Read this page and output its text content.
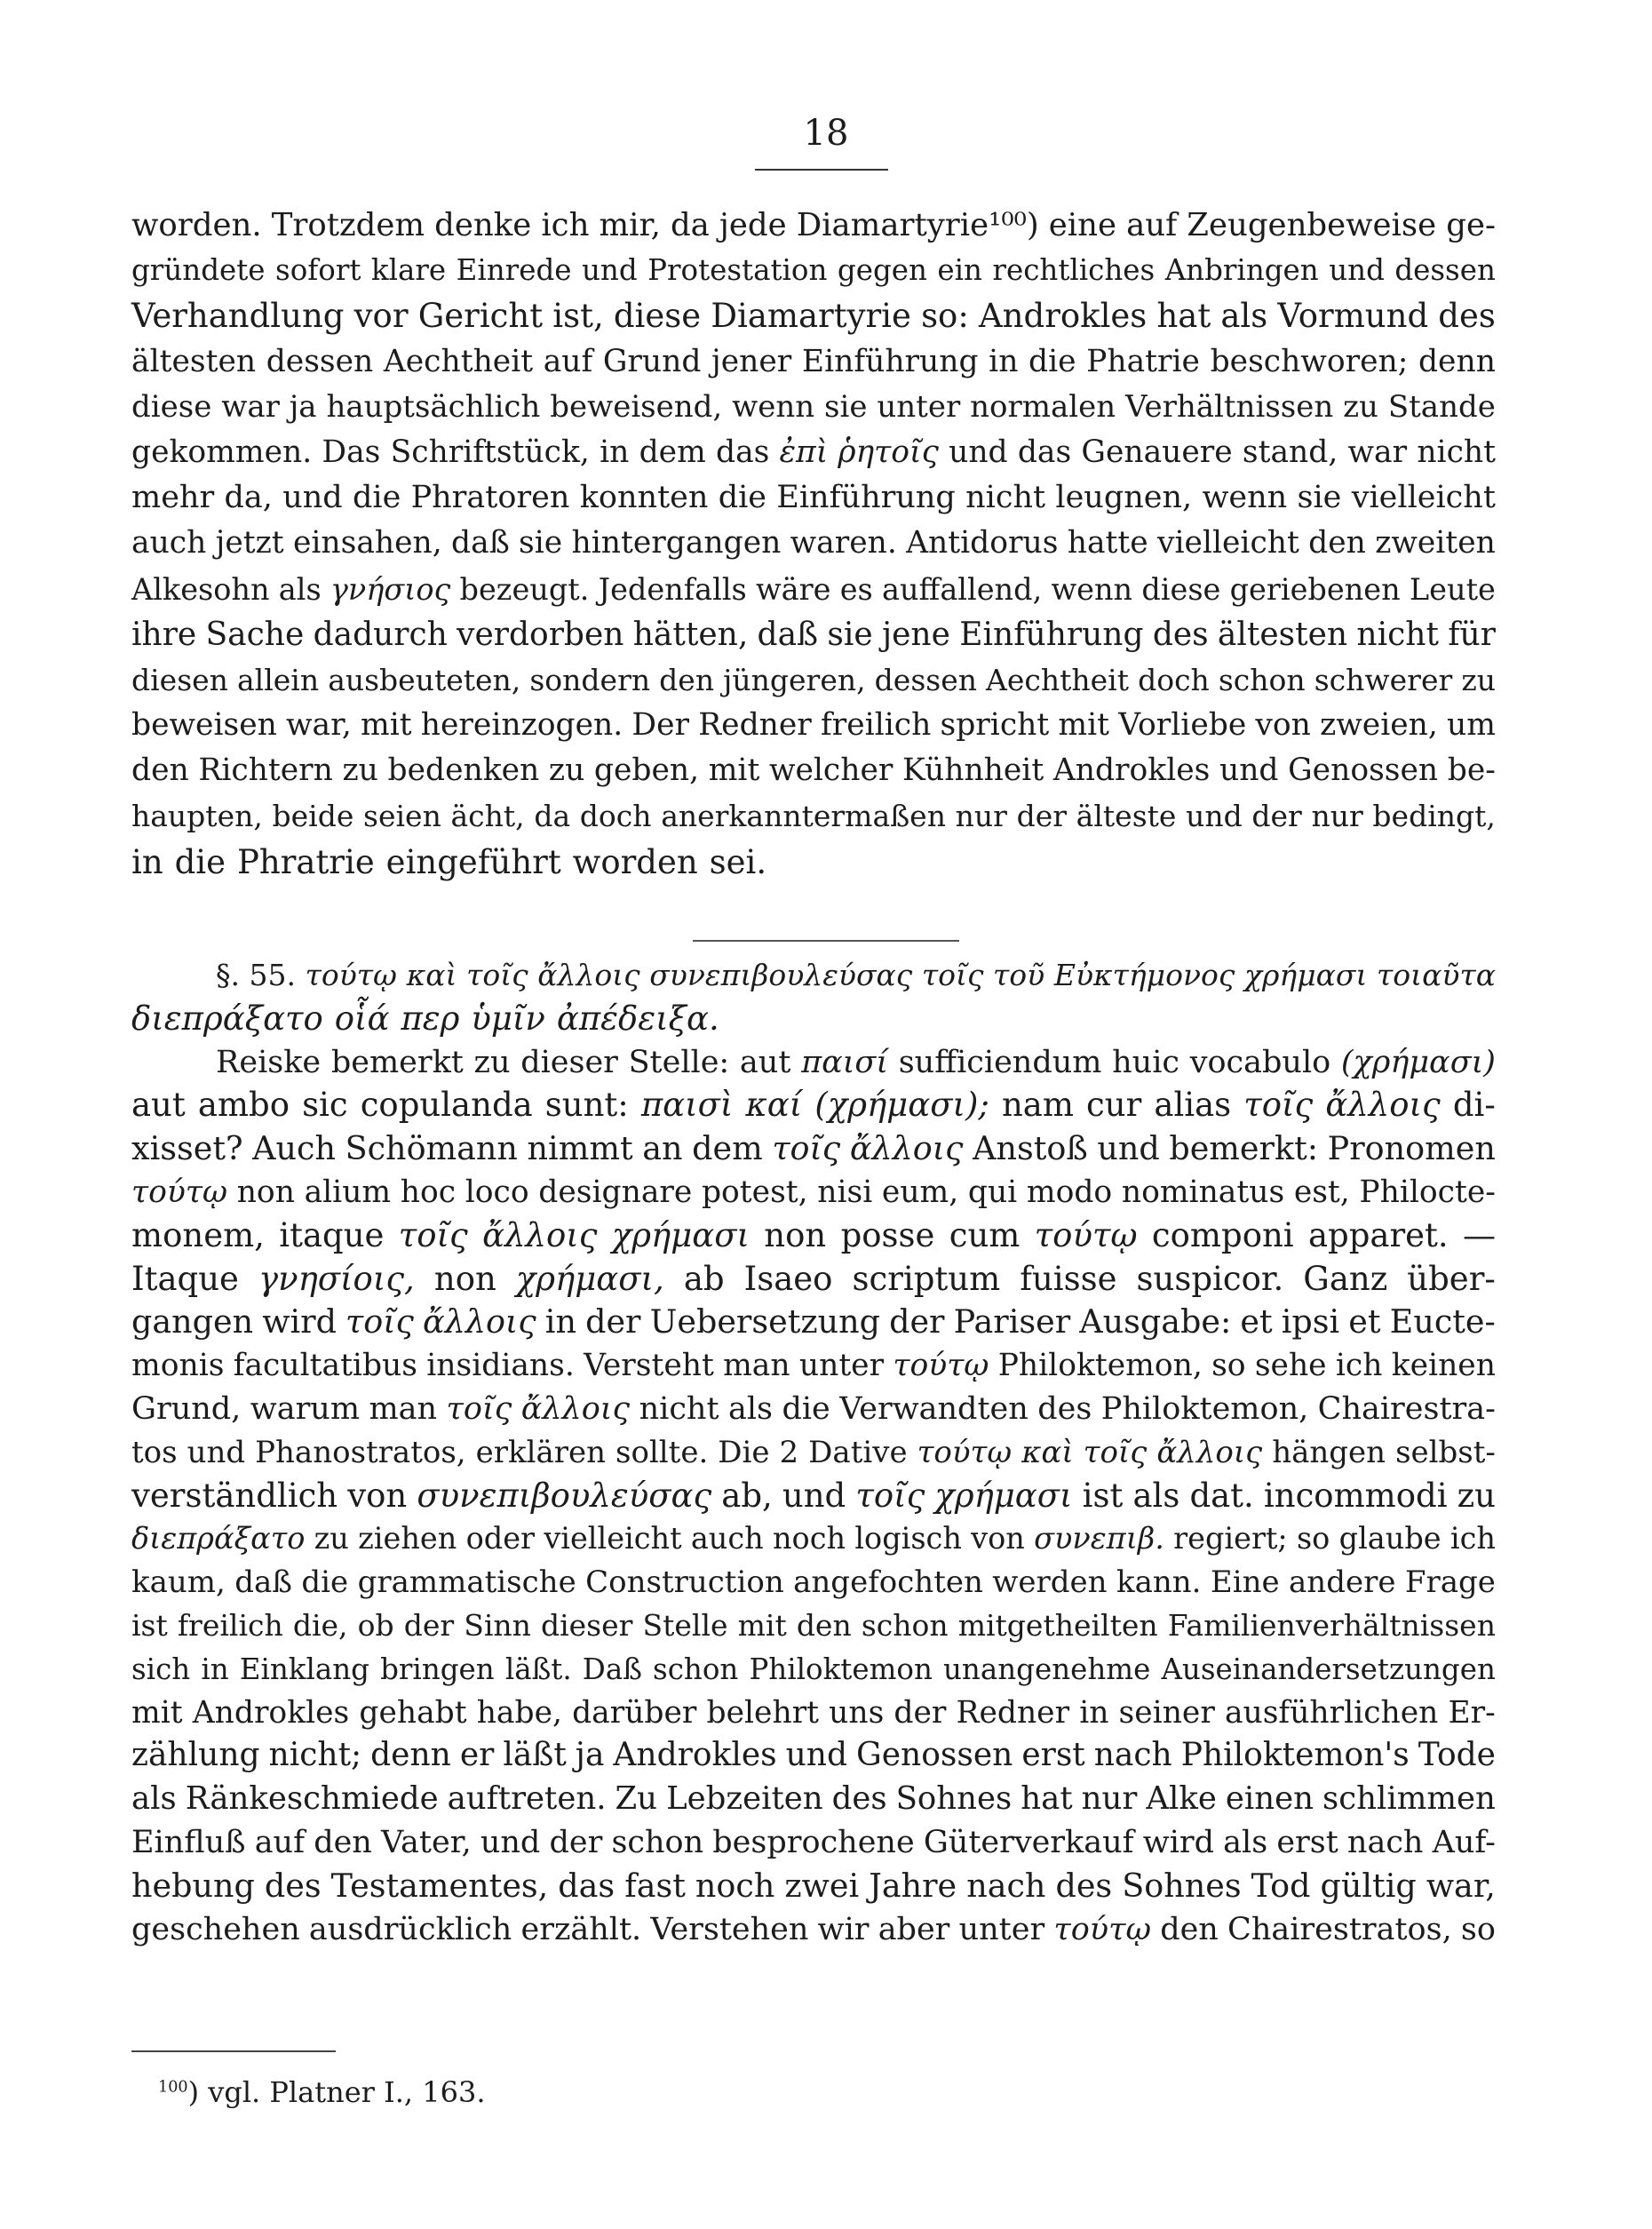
18
worden. Trotzdem denke ich mir, da jede Diamartyrie¹⁰⁰) eine auf Zeugenbeweise ge-
gründete sofort klare Einrede und Protestation gegen ein rechtliches Anbringen und dessen
Verhandlung vor Gericht ist, diese Diamartyrie so: Androkles hat als Vormund des
ältesten dessen Aechtheit auf Grund jener Einführung in die Phatrie beschworen; denn
diese war ja hauptsächlich beweisend, wenn sie unter normalen Verhältnissen zu Stande
gekommen. Das Schriftstück, in dem das ἐπὶ ῥητοῖς und das Genauere stand, war nicht
mehr da, und die Phratoren konnten die Einführung nicht leugnen, wenn sie vielleicht
auch jetzt einsahen, daß sie hintergangen waren. Antidorus hatte vielleicht den zweiten
Alkesohn als γνήσιος bezeugt. Jedenfalls wäre es auffallend, wenn diese geriebenen Leute
ihre Sache dadurch verdorben hätten, daß sie jene Einführung des ältesten nicht für
diesen allein ausbeuteten, sondern den jüngeren, dessen Aechtheit doch schon schwerer zu
beweisen war, mit hereinzogen. Der Redner freilich spricht mit Vorliebe von zweien, um
den Richtern zu bedenken zu geben, mit welcher Kühnheit Androkles und Genossen be-
haupten, beide seien ächt, da doch anerkanntermaßen nur der älteste und der nur bedingt,
in die Phratrie eingeführt worden sei.
§. 55. τούτῳ καὶ τοῖς ἄλλοις συνεπιβουλεύσας τοῖς τοῦ Εὐκτήμονος χρήμασι τοιαῦτα
διεπράξατο οἷά περ ὑμῖν ἀπέδειξα.
Reiske bemerkt zu dieser Stelle: aut παισί sufficiendum huic vocabulo (χρήμασι)
aut ambo sic copulanda sunt: παισὶ καί (χρήμασι); nam cur alias τοῖς ἄλλοις di-
xisset? Auch Schömann nimmt an dem τοῖς ἄλλοις Anstoß und bemerkt: Pronomen
τούτῳ non alium hoc loco designare potest, nisi eum, qui modo nominatus est, Philocte-
monem, itaque τοῖς ἄλλοις χρήμασι non posse cum τούτῳ componi apparet. —
Itaque γνησίοις, non χρήμασι, ab Isaeo scriptum fuisse suspicor. Ganz über-
gangen wird τοῖς ἄλλοις in der Uebersetzung der Pariser Ausgabe: et ipsi et Eucte-
monis facultatibus insidians. Versteht man unter τούτῳ Philoktemon, so sehe ich keinen
Grund, warum man τοῖς ἄλλοις nicht als die Verwandten des Philoktemon, Chairestra-
tos und Phanostratos, erklären sollte. Die 2 Dative τούτῳ καὶ τοῖς ἄλλοις hängen selbst-
verständlich von συνεπιβουλεύσας ab, und τοῖς χρήμασι ist als dat. incommodi zu
διεπράξατο zu ziehen oder vielleicht auch noch logisch von συνεπιβ. regiert; so glaube ich
kaum, daß die grammatische Construction angefochten werden kann. Eine andere Frage
ist freilich die, ob der Sinn dieser Stelle mit den schon mitgetheilten Familienverhältnissen
sich in Einklang bringen läßt. Daß schon Philoktemon unangenehme Auseinandersetzungen
mit Androkles gehabt habe, darüber belehrt uns der Redner in seiner ausführlichen Er-
zählung nicht; denn er läßt ja Androkles und Genossen erst nach Philoktemon's Tode
als Ränkeschmiede auftreten. Zu Lebzeiten des Sohnes hat nur Alke einen schlimmen
Einfluß auf den Vater, und der schon besprochene Güterverkauf wird als erst nach Auf-
hebung des Testamentes, das fast noch zwei Jahre nach des Sohnes Tod gültig war,
geschehen ausdrücklich erzählt. Verstehen wir aber unter τούτῳ den Chairestratos, so
$^{100}$) vgl. Platner I., 163.
